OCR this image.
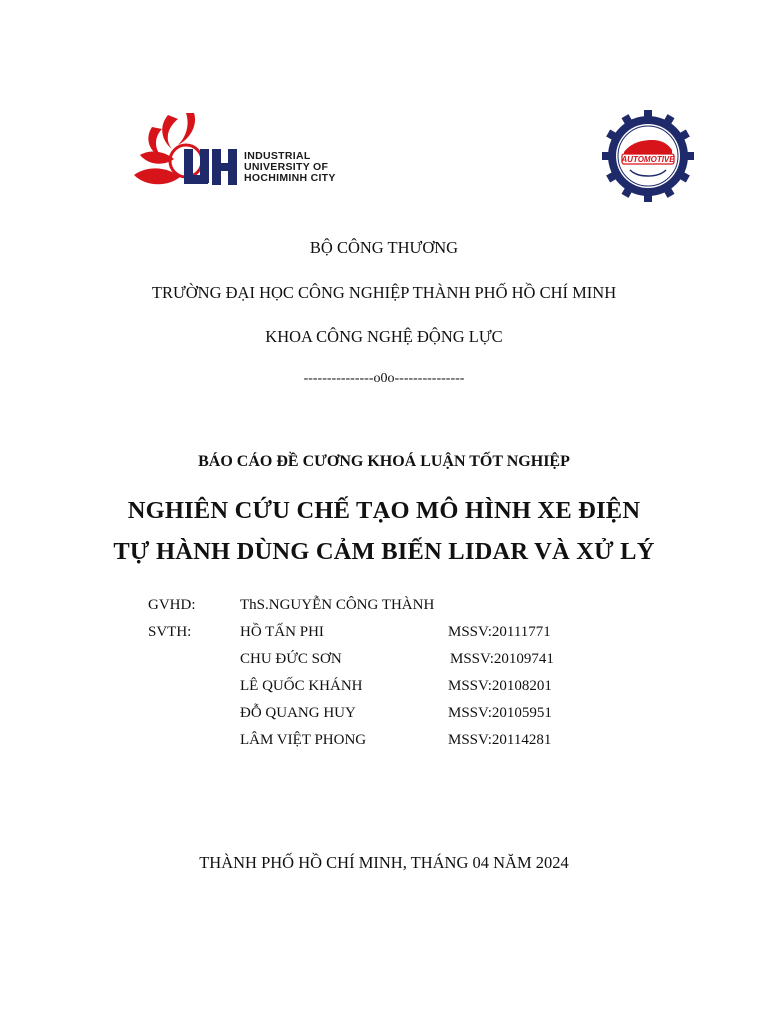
INDUSTRIAL
UNIVERSITY OF
HOCHIMINH CITY
AUTOMOTIVE
BỘ CÔNG THƯƠNG
TRƯỜNG ĐẠI HỌC CÔNG NGHIỆP THÀNH PHỐ HỒ CHÍ MINH
KHOA CÔNG NGHỆ ĐỘNG LỰC
---------------o0o---------------
BÁO CÁO ĐỀ CƯƠNG KHOÁ LUẬN TỐT NGHIỆP
NGHIÊN CỨU CHẾ TẠO MÔ HÌNH XE ĐIỆN
TỰ HÀNH DÙNG CẢM BIẾN LIDAR VÀ XỬ LÝ
GVHD:	ThS.NGUYỄN CÔNG THÀNH
SVTH:	HỒ TẤN PHI	MSSV:20111771
CHU ĐỨC SƠN	MSSV:20109741
LÊ QUỐC KHÁNH	MSSV:20108201
ĐỖ QUANG HUY	MSSV:20105951
LÂM VIỆT PHONG	MSSV:20114281
THÀNH PHỐ HỒ CHÍ MINH, THÁNG 04 NĂM 2024
